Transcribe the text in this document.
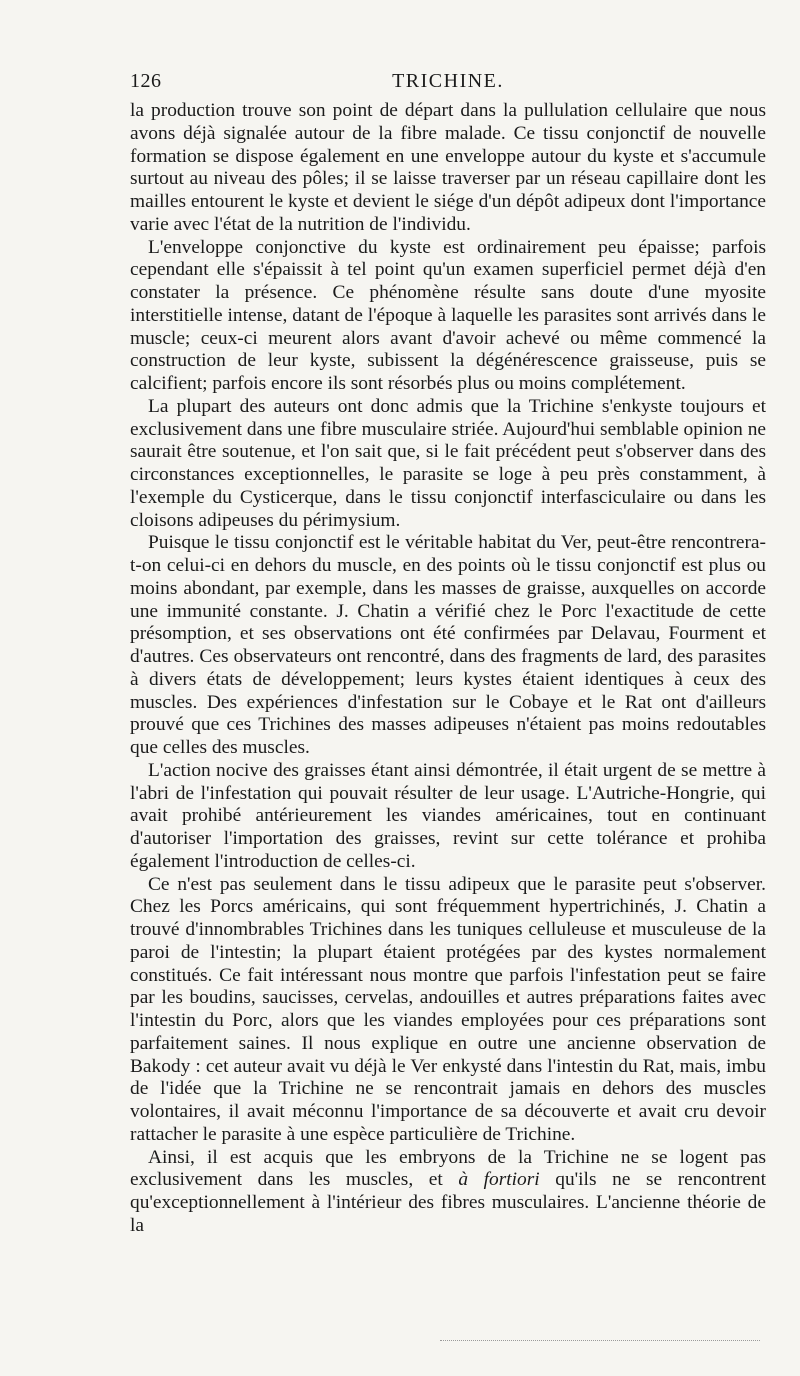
126	TRICHINE.

la production trouve son point de départ dans la pullulation cellulaire que nous avons déjà signalée autour de la fibre malade. Ce tissu conjonctif de nouvelle formation se dispose également en une enveloppe autour du kyste et s'accumule surtout au niveau des pôles; il se laisse traverser par un réseau capillaire dont les mailles entourent le kyste et devient le siége d'un dépôt adipeux dont l'importance varie avec l'état de la nutrition de l'individu.

L'enveloppe conjonctive du kyste est ordinairement peu épaisse; parfois cependant elle s'épaissit à tel point qu'un examen superficiel permet déjà d'en constater la présence. Ce phénomène résulte sans doute d'une myosite interstitielle intense, datant de l'époque à laquelle les parasites sont arrivés dans le muscle; ceux-ci meurent alors avant d'avoir achevé ou même commencé la construction de leur kyste, subissent la dégénérescence graisseuse, puis se calcifient; parfois encore ils sont résorbés plus ou moins complétement.

La plupart des auteurs ont donc admis que la Trichine s'enkyste toujours et exclusivement dans une fibre musculaire striée. Aujourd'hui semblable opinion ne saurait être soutenue, et l'on sait que, si le fait précédent peut s'observer dans des circonstances exceptionnelles, le parasite se loge à peu près constamment, à l'exemple du Cysticerque, dans le tissu conjonctif interfasciculaire ou dans les cloisons adipeuses du périmysium.

Puisque le tissu conjonctif est le véritable habitat du Ver, peut-être rencontrera-t-on celui-ci en dehors du muscle, en des points où le tissu conjonctif est plus ou moins abondant, par exemple, dans les masses de graisse, auxquelles on accorde une immunité constante. J. Chatin a vérifié chez le Porc l'exactitude de cette présomption, et ses observations ont été confirmées par Delavau, Fourment et d'autres. Ces observateurs ont rencontré, dans des fragments de lard, des parasites à divers états de développement; leurs kystes étaient identiques à ceux des muscles. Des expériences d'infestation sur le Cobaye et le Rat ont d'ailleurs prouvé que ces Trichines des masses adipeuses n'étaient pas moins redoutables que celles des muscles.

L'action nocive des graisses étant ainsi démontrée, il était urgent de se mettre à l'abri de l'infestation qui pouvait résulter de leur usage. L'Autriche-Hongrie, qui avait prohibé antérieurement les viandes américaines, tout en continuant d'autoriser l'importation des graisses, revint sur cette tolérance et prohiba également l'introduction de celles-ci.

Ce n'est pas seulement dans le tissu adipeux que le parasite peut s'observer. Chez les Porcs américains, qui sont fréquemment hypertrichinés, J. Chatin a trouvé d'innombrables Trichines dans les tuniques celluleuse et musculeuse de la paroi de l'intestin; la plupart étaient protégées par des kystes normalement constitués. Ce fait intéressant nous montre que parfois l'infestation peut se faire par les boudins, saucisses, cervelas, andouilles et autres préparations faites avec l'intestin du Porc, alors que les viandes employées pour ces préparations sont parfaitement saines. Il nous explique en outre une ancienne observation de Bakody : cet auteur avait vu déjà le Ver enkysté dans l'intestin du Rat, mais, imbu de l'idée que la Trichine ne se rencontrait jamais en dehors des muscles volontaires, il avait méconnu l'importance de sa découverte et avait cru devoir rattacher le parasite à une espèce particulière de Trichine.

Ainsi, il est acquis que les embryons de la Trichine ne se logent pas exclusivement dans les muscles, et à fortiori qu'ils ne se rencontrent qu'exceptionnellement à l'intérieur des fibres musculaires. L'ancienne théorie de la
